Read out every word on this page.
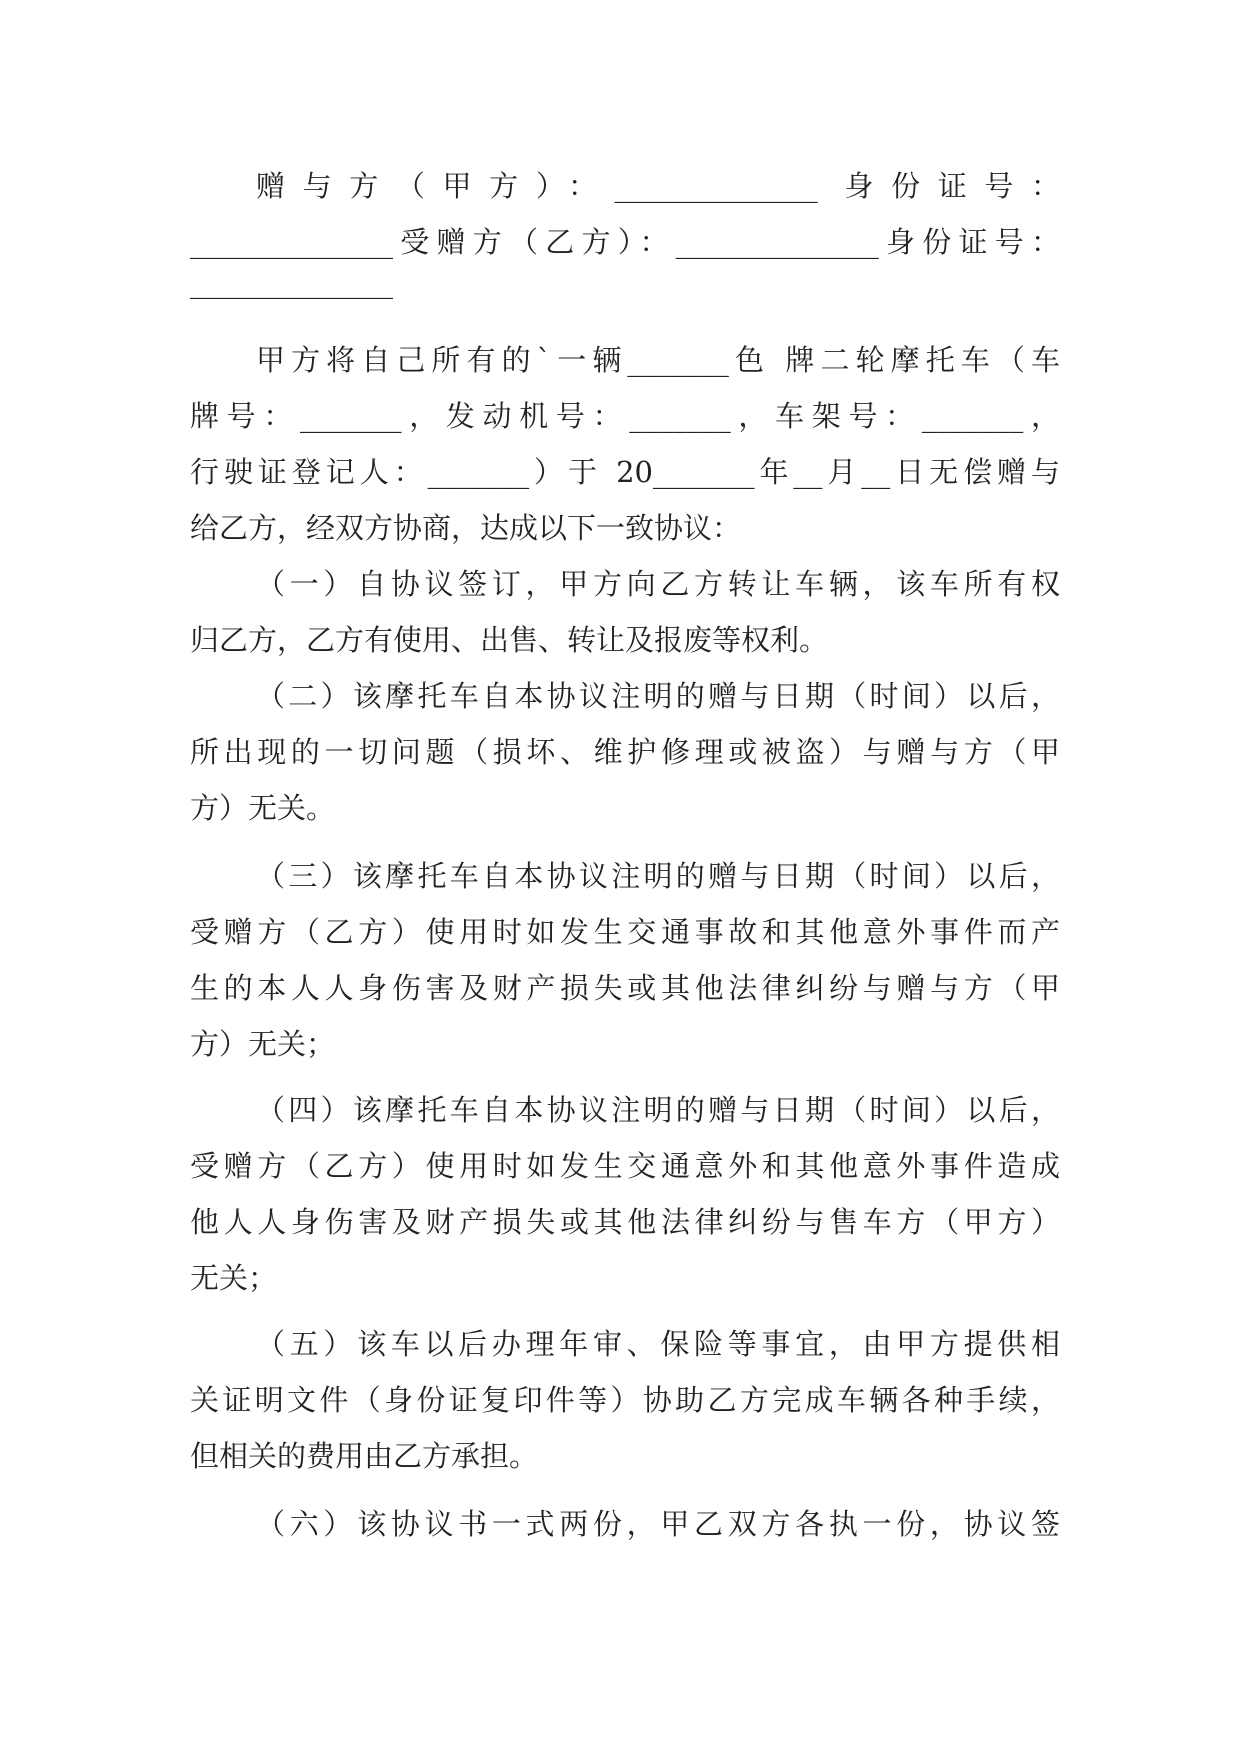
赠与方（甲方）：______________ 身份证号：
______________受赠方（乙方）：______________身份证号：
______________
甲方将自己所有的`一辆_______色 牌二轮摩托车（车
牌号：_______，发动机号：_______，车架号：_______，
行驶证登记人：_______）于 20_______年__月__日无偿赠与
给乙方，经双方协商，达成以下一致协议：
（一）自协议签订，甲方向乙方转让车辆，该车所有权
归乙方，乙方有使用、出售、转让及报废等权利。
（二）该摩托车自本协议注明的赠与日期（时间）以后，
所出现的一切问题（损坏、维护修理或被盗）与赠与方（甲
方）无关。
（三）该摩托车自本协议注明的赠与日期（时间）以后，
受赠方（乙方）使用时如发生交通事故和其他意外事件而产
生的本人人身伤害及财产损失或其他法律纠纷与赠与方（甲
方）无关；
（四）该摩托车自本协议注明的赠与日期（时间）以后，
受赠方（乙方）使用时如发生交通意外和其他意外事件造成
他人人身伤害及财产损失或其他法律纠纷与售车方（甲方）
无关；
（五）该车以后办理年审、保险等事宜，由甲方提供相
关证明文件（身份证复印件等）协助乙方完成车辆各种手续，
但相关的费用由乙方承担。
（六）该协议书一式两份，甲乙双方各执一份，协议签
